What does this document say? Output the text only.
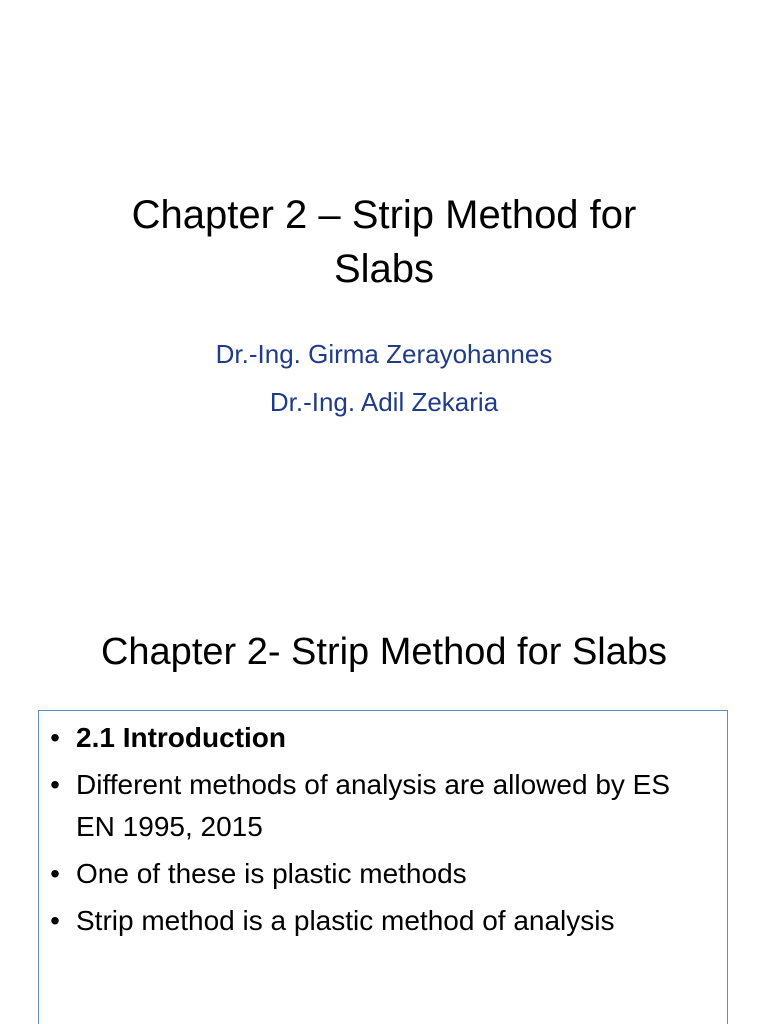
Chapter 2 – Strip Method for Slabs
Dr.-Ing. Girma Zerayohannes
Dr.-Ing. Adil Zekaria
Chapter 2- Strip Method for Slabs
• 2.1 Introduction
• Different methods of analysis are allowed by ES EN 1995, 2015
• One of these is plastic methods
• Strip method is a plastic method of analysis
